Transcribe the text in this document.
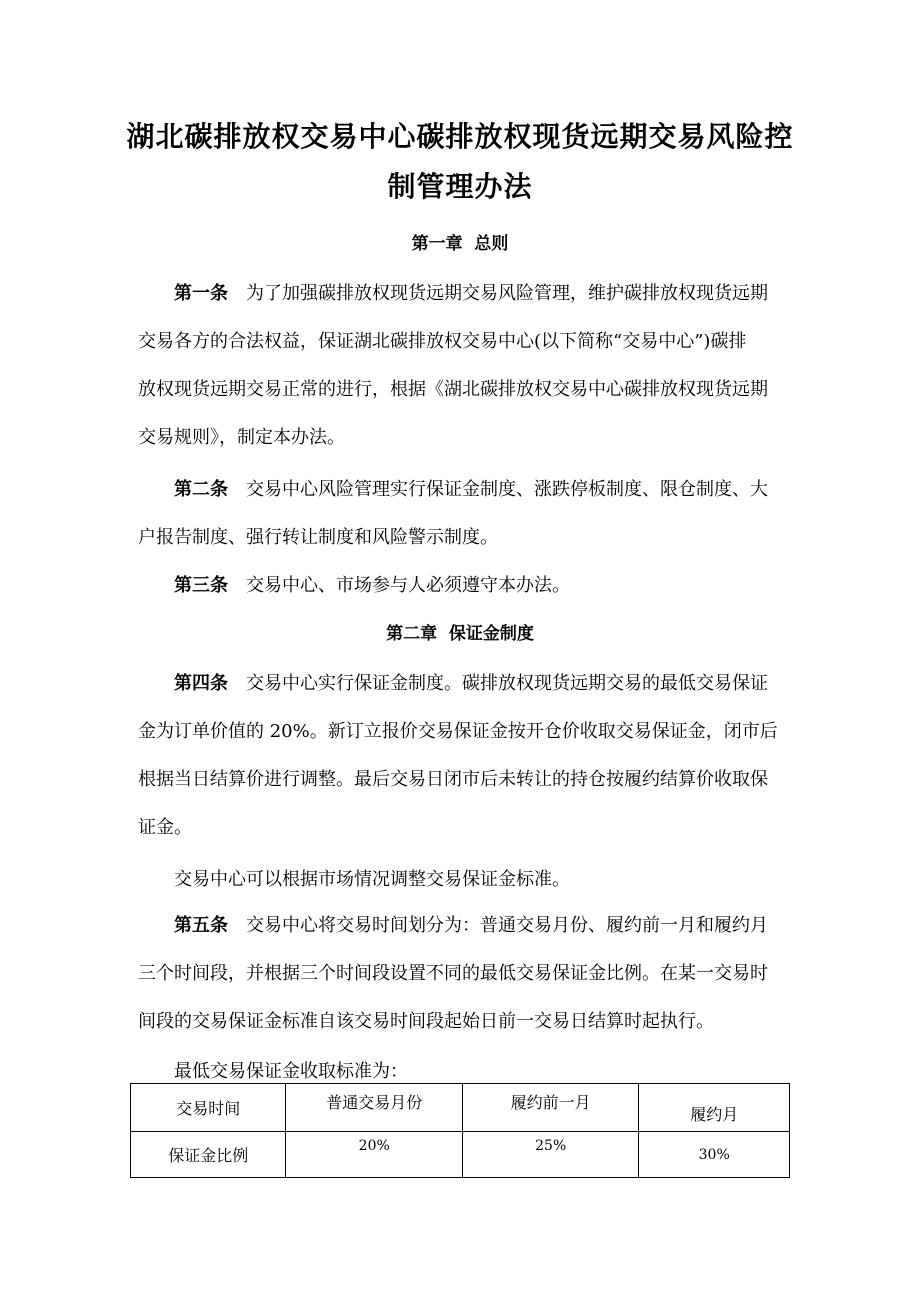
湖北碳排放权交易中心碳排放权现货远期交易风险控
制管理办法
第一章  总则
第一条 为了加强碳排放权现货远期交易风险管理，维护碳排放权现货远期
交易各方的合法权益，保证湖北碳排放权交易中心(以下简称“交易中心”)碳排
放权现货远期交易正常的进行，根据《湖北碳排放权交易中心碳排放权现货远期
交易规则》，制定本办法。
第二条 交易中心风险管理实行保证金制度、涨跌停板制度、限仓制度、大
户报告制度、强行转让制度和风险警示制度。
第三条 交易中心、市场参与人必须遵守本办法。
第二章  保证金制度
第四条 交易中心实行保证金制度。碳排放权现货远期交易的最低交易保证
金为订单价值的 20%。新订立报价交易保证金按开仓价收取交易保证金，闭市后
根据当日结算价进行调整。最后交易日闭市后未转让的持仓按履约结算价收取保
证金。
交易中心可以根据市场情况调整交易保证金标准。
第五条 交易中心将交易时间划分为：普通交易月份、履约前一月和履约月
三个时间段，并根据三个时间段设置不同的最低交易保证金比例。在某一交易时
间段的交易保证金标准自该交易时间段起始日前一交易日结算时起执行。
最低交易保证金收取标准为：
交易时间	普通交易月份	履约前一月	履约月
保证金比例	20%	25%	30%
